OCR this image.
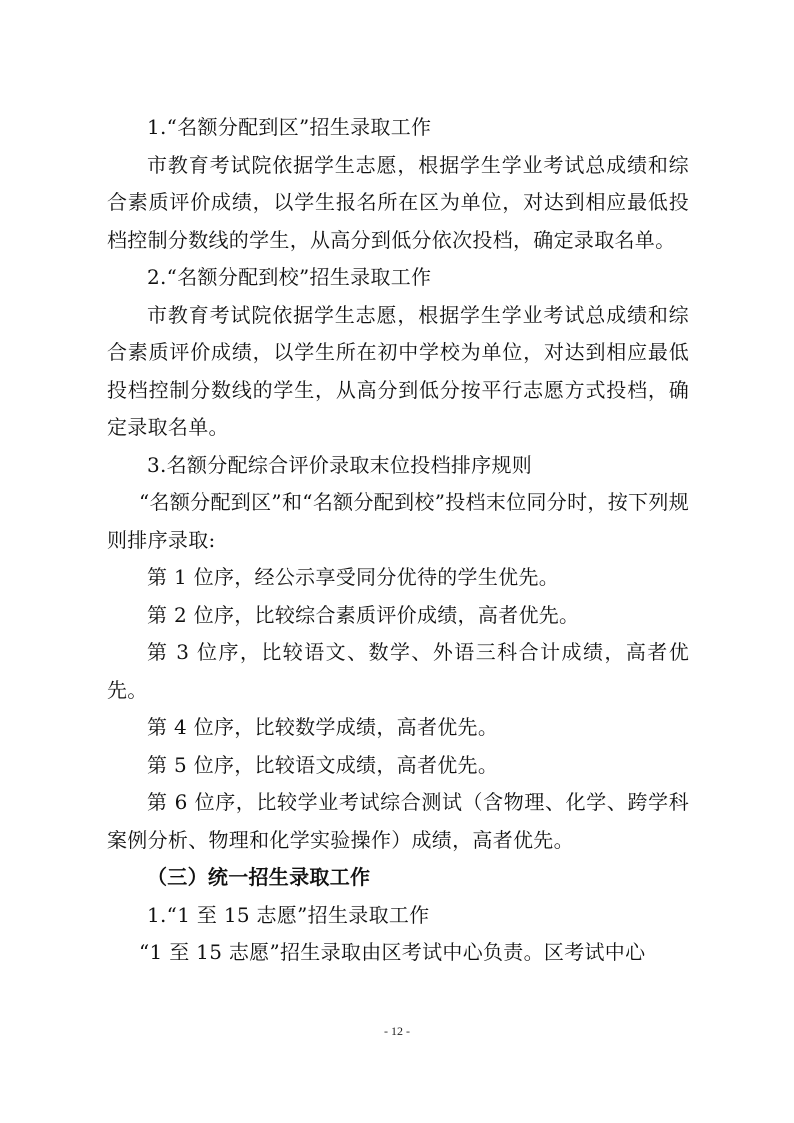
1.“名额分配到区”招生录取工作

市教育考试院依据学生志愿，根据学生学业考试总成绩和综合素质评价成绩，以学生报名所在区为单位，对达到相应最低投档控制分数线的学生，从高分到低分依次投档，确定录取名单。

2.“名额分配到校”招生录取工作

市教育考试院依据学生志愿，根据学生学业考试总成绩和综合素质评价成绩，以学生所在初中学校为单位，对达到相应最低投档控制分数线的学生，从高分到低分按平行志愿方式投档，确定录取名单。

3.名额分配综合评价录取末位投档排序规则

“名额分配到区”和“名额分配到校”投档末位同分时，按下列规则排序录取:

第 1 位序，经公示享受同分优待的学生优先。

第 2 位序，比较综合素质评价成绩，高者优先。

第 3 位序，比较语文、数学、外语三科合计成绩，高者优先。

第 4 位序，比较数学成绩，高者优先。

第 5 位序，比较语文成绩，高者优先。

第 6 位序，比较学业考试综合测试（含物理、化学、跨学科案例分析、物理和化学实验操作）成绩，高者优先。

（三）统一招生录取工作

1.“1 至 15 志愿”招生录取工作

“1 至 15 志愿”招生录取由区考试中心负责。区考试中心

- 12 -
